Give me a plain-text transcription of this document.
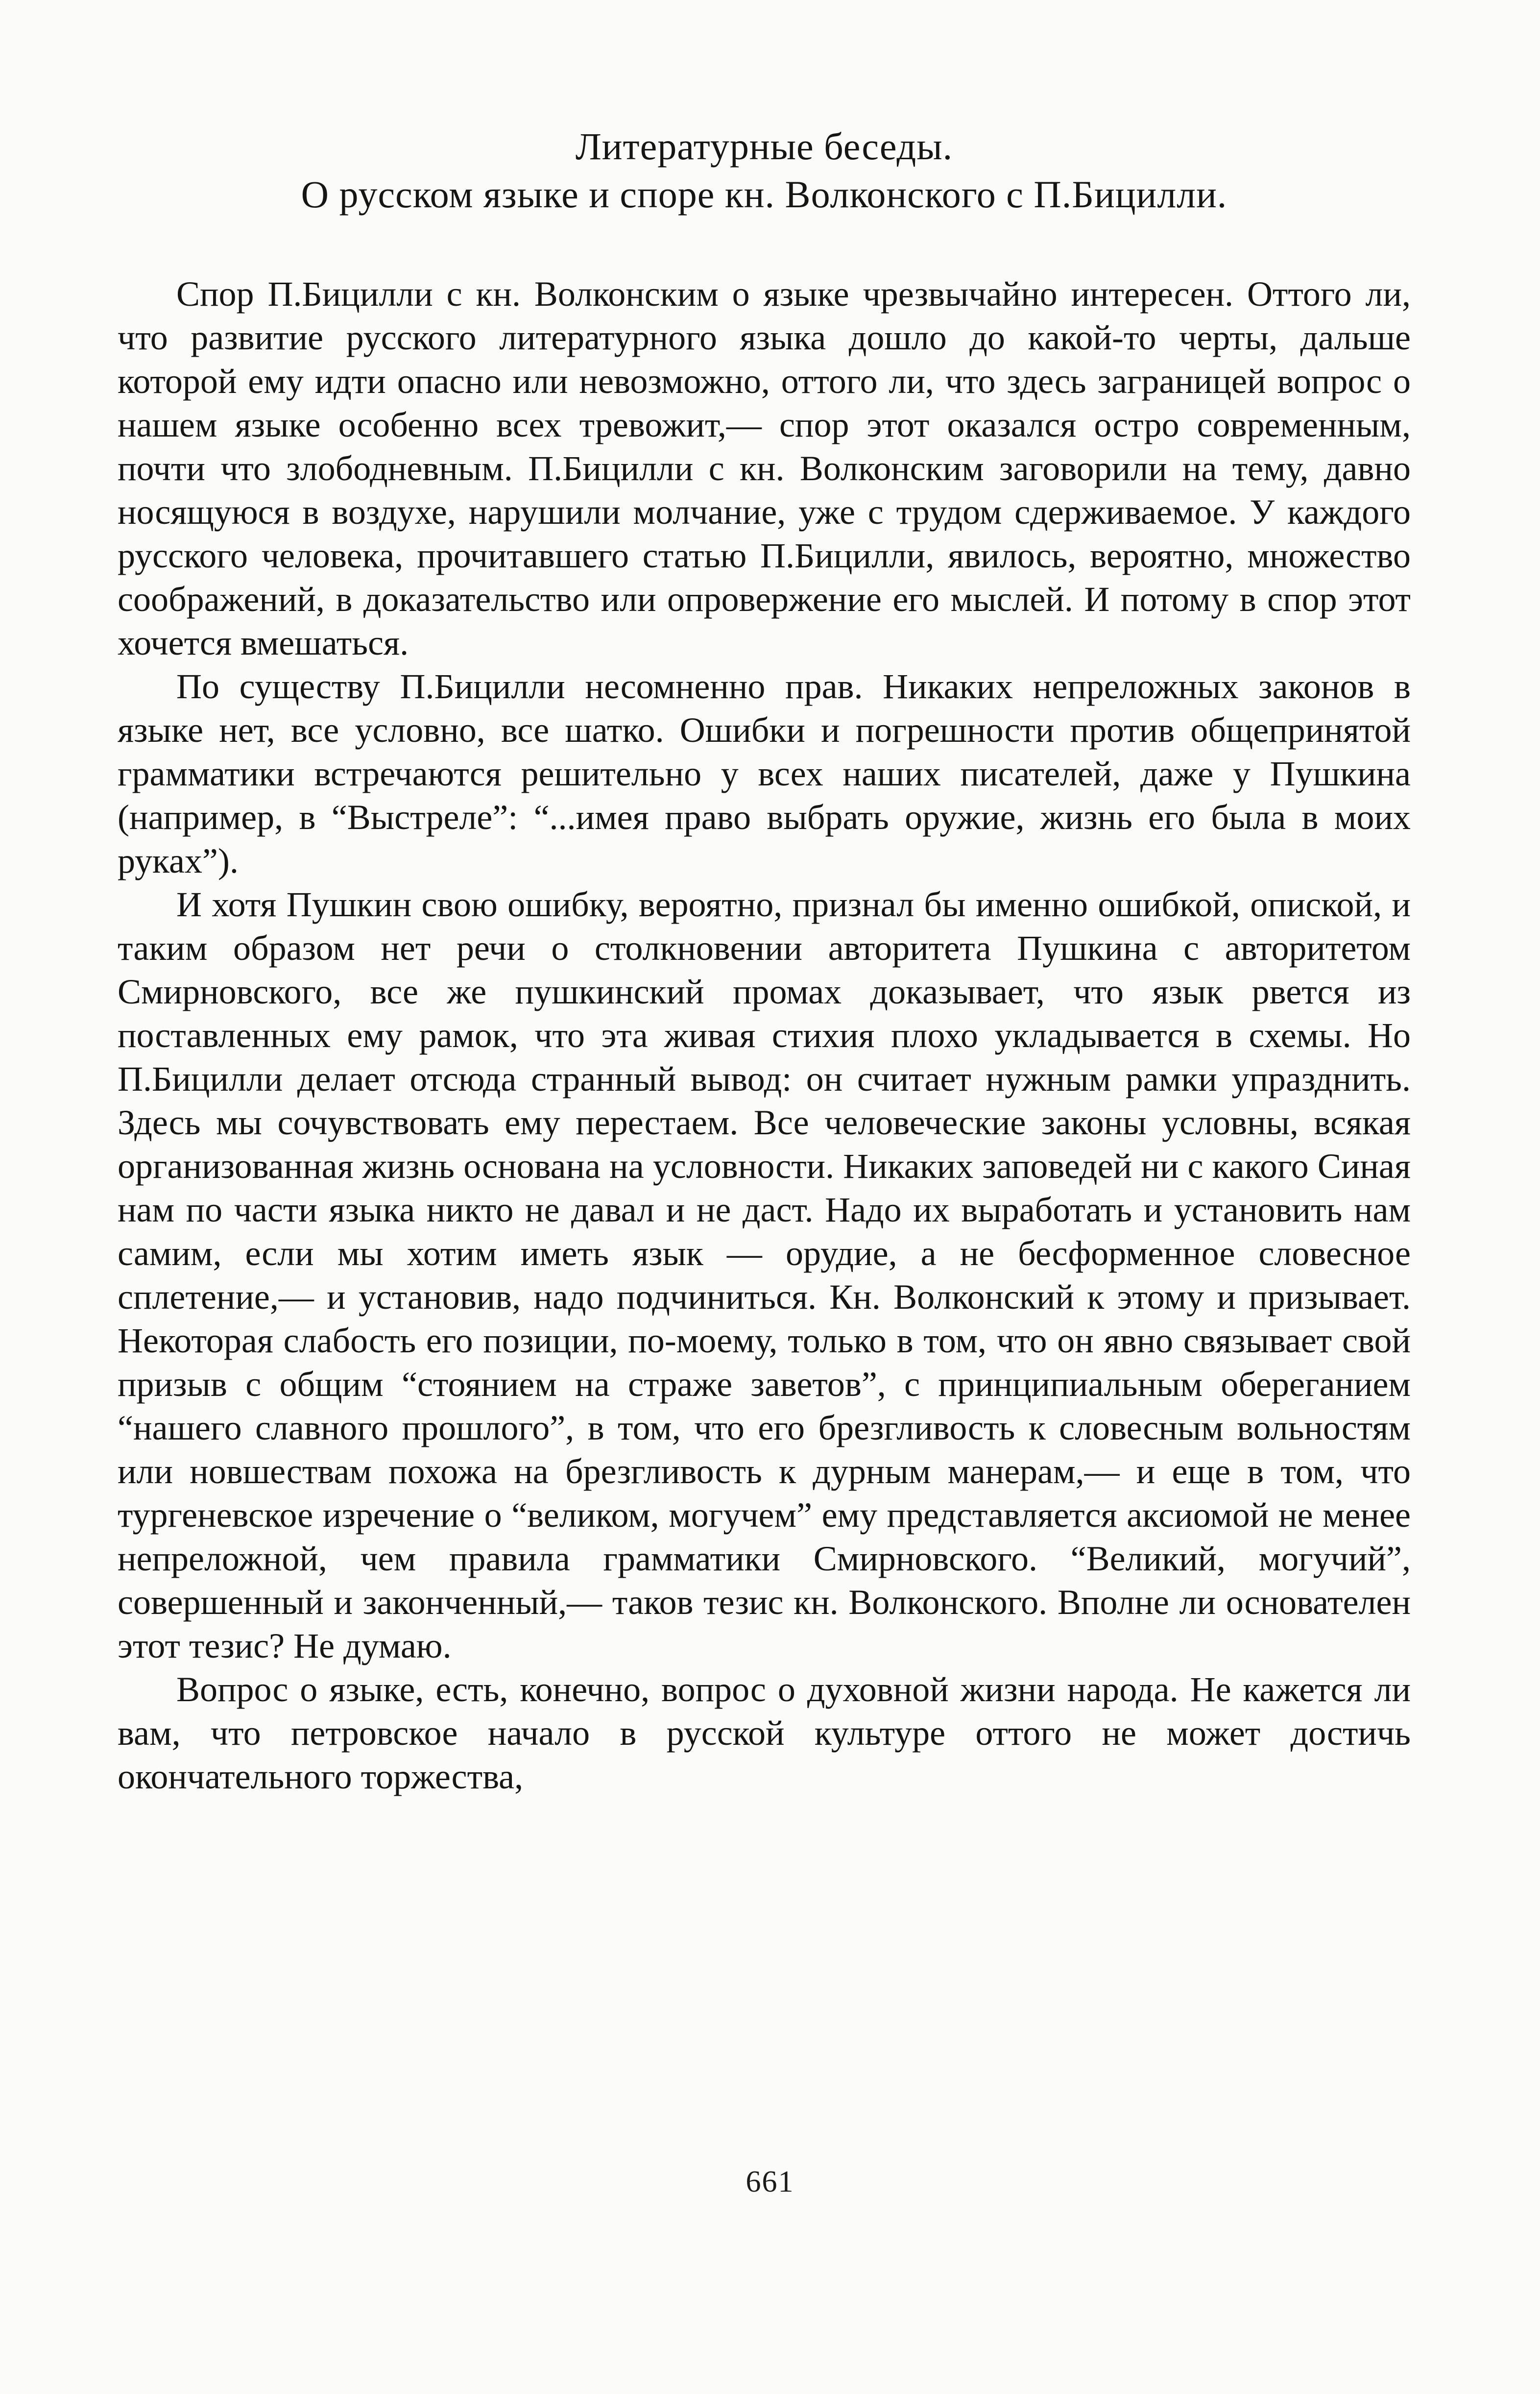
Литературные беседы.
О русском языке и споре кн. Волконского с П.Бицилли.

Спор П.Бицилли с кн. Волконским о языке чрезвычайно интересен. Оттого ли, что развитие русского литературного языка дошло до какой-то черты, дальше которой ему идти опасно или невозможно, оттого ли, что здесь заграницей вопрос о нашем языке особенно всех тревожит,— спор этот оказался остро современным, почти что злободневным. П.Бицилли с кн. Волконским заговорили на тему, давно носящуюся в воздухе, нарушили молчание, уже с трудом сдерживаемое. У каждого русского человека, прочитавшего статью П.Бицилли, явилось, вероятно, множество соображений, в доказательство или опровержение его мыслей. И потому в спор этот хочется вмешаться.

По существу П.Бицилли несомненно прав. Никаких непреложных законов в языке нет, все условно, все шатко. Ошибки и погрешности против общепринятой грамматики встречаются решительно у всех наших писателей, даже у Пушкина (например, в “Выстреле”: “...имея право выбрать оружие, жизнь его была в моих руках”).

И хотя Пушкин свою ошибку, вероятно, признал бы именно ошибкой, опиской, и таким образом нет речи о столкновении авторитета Пушкина с авторитетом Смирновского, все же пушкинский промах доказывает, что язык рвется из поставленных ему рамок, что эта живая стихия плохо укладывается в схемы. Но П.Бицилли делает отсюда странный вывод: он считает нужным рамки упразднить. Здесь мы сочувствовать ему перестаем. Все человеческие законы условны, всякая организованная жизнь основана на условности. Никаких заповедей ни с какого Синая нам по части языка никто не давал и не даст. Надо их выработать и установить нам самим, если мы хотим иметь язык — орудие, а не бесформенное словесное сплетение,— и установив, надо подчиниться. Кн. Волконский к этому и призывает. Некоторая слабость его позиции, по-моему, только в том, что он явно связывает свой призыв с общим “стоянием на страже заветов”, с принципиальным оберeганием “нашего славного прошлого”, в том, что его брезгливость к словесным вольностям или новшествам похожа на брезгливость к дурным манерам,— и еще в том, что тургеневское изречение о “великом, могучем” ему представляется аксиомой не менее непреложной, чем правила грамматики Смирновского. “Великий, могучий”, совершенный и законченный,— таков тезис кн. Волконского. Вполне ли основателен этот тезис? Не думаю.

Вопрос о языке, есть, конечно, вопрос о духовной жизни народа. Не кажется ли вам, что петровское начало в русской культуре оттого не может достичь окончательного торжества,

661
